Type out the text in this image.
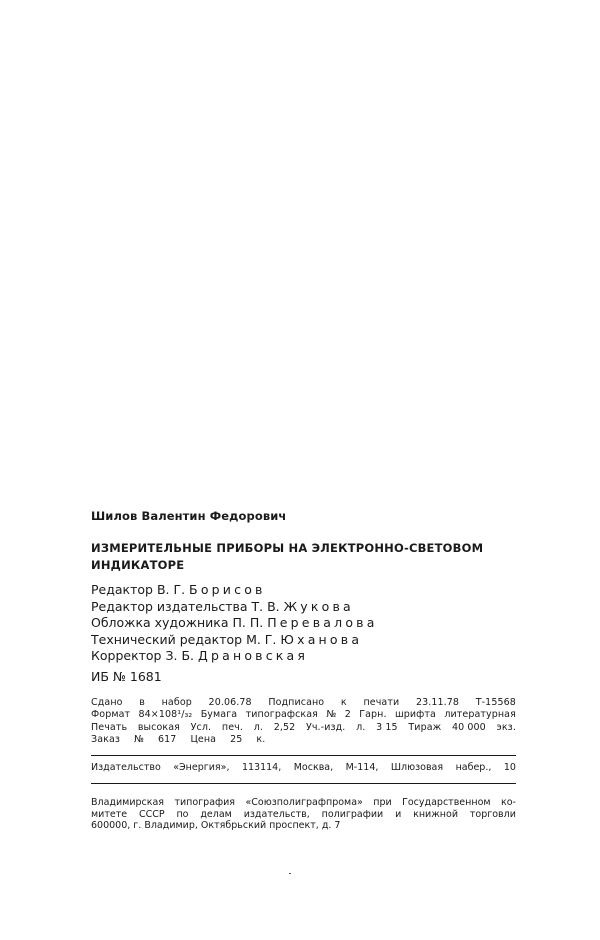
Шилов Валентин Федорович
ИЗМЕРИТЕЛЬНЫЕ ПРИБОРЫ НА ЭЛЕКТРОННО-СВЕТОВОМ
ИНДИКАТОРЕ
Редактор В. Г. Борисов
Редактор издательства Т. В. Жукова
Обложка художника П. П. Перевалова
Технический редактор М. Г. Юханова
Корректор З. Б. Драновская
ИБ № 1681
Сдано в набор 20.06.78 Подписано к печати 23.11.78 Т-15568
Формат 84×108¹/₃₂ Бумага типографская № 2 Гарн. шрифта литературная
Печать высокая Усл. печ. л. 2,52 Уч.-изд. л. 3 15 Тираж 40 000 экз.
Заказ № 617 Цена 25 к.
Издательство «Энергия», 113114, Москва, М-114, Шлюзовая набер., 10
Владимирская типография «Союзполиграфпрома» при Государственном ко-
митете СССР по делам издательств, полиграфии и книжной торговли
600000, г. Владимир, Октябрьский проспект, д. 7
